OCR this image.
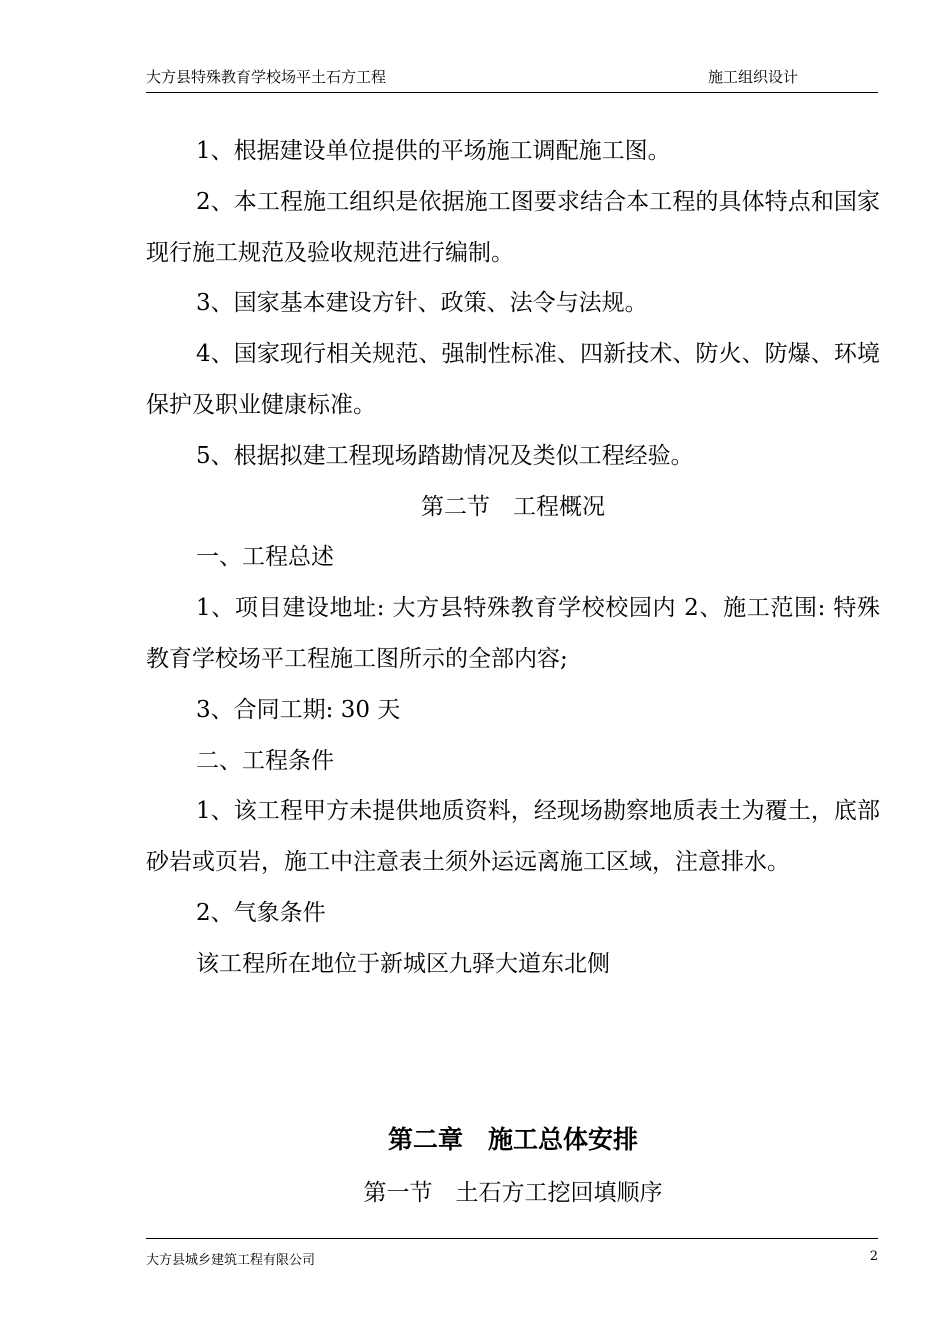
大方县特殊教育学校场平土石方工程	施工组织设计

1、根据建设单位提供的平场施工调配施工图。

2、本工程施工组织是依据施工图要求结合本工程的具体特点和国家现行施工规范及验收规范进行编制。

3、国家基本建设方针、政策、法令与法规。

4、国家现行相关规范、强制性标准、四新技术、防火、防爆、环境保护及职业健康标准。

5、根据拟建工程现场踏勘情况及类似工程经验。

第二节　工程概况

一、工程总述

1、项目建设地址: 大方县特殊教育学校校园内 2、施工范围: 特殊教育学校场平工程施工图所示的全部内容;

3、合同工期: 30 天

二、工程条件

1、该工程甲方未提供地质资料，经现场勘察地质表土为覆土，底部砂岩或页岩，施工中注意表土须外运远离施工区域，注意排水。

2、气象条件

该工程所在地位于新城区九驿大道东北侧

第二章　施工总体安排
第一节　土石方工挖回填顺序
大方县城乡建筑工程有限公司	2
